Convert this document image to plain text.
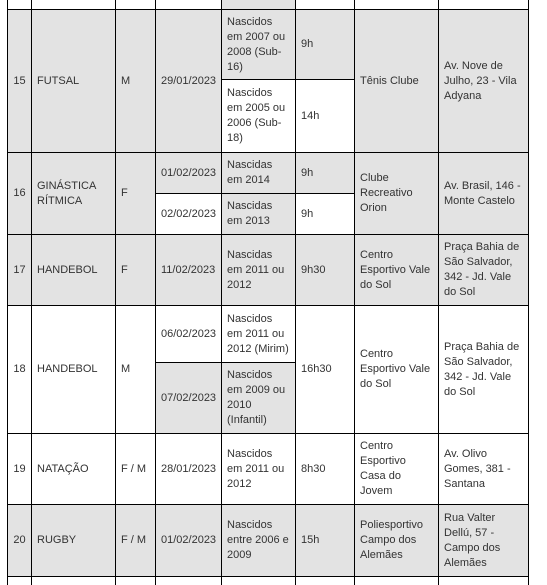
15	FUTSAL	M	29/01/2023	Nascidos em 2007 ou 2008 (Sub-16)	9h	Tênis Clube	Av. Nove de Julho, 23 - Vila Adyana
				Nascidos em 2005 ou 2006 (Sub-18)	14h		
16	GINÁSTICA RÍTMICA	F	01/02/2023	Nascidas em 2014	9h	Clube Recreativo Orion	Av. Brasil, 146 - Monte Castelo
			02/02/2023	Nascidas em 2013	9h		
17	HANDEBOL	F	11/02/2023	Nascidas em 2011 ou 2012	9h30	Centro Esportivo Vale do Sol	Praça Bahia de São Salvador, 342 - Jd. Vale do Sol
18	HANDEBOL	M	06/02/2023	Nascidos em 2011 ou 2012 (Mirim)	16h30	Centro Esportivo Vale do Sol	Praça Bahia de São Salvador, 342 - Jd. Vale do Sol
			07/02/2023	Nascidos em 2009 ou 2010 (Infantil)			
19	NATAÇÃO	F / M	28/01/2023	Nascidos em 2011 ou 2012	8h30	Centro Esportivo Casa do Jovem	Av. Olivo Gomes, 381 - Santana
20	RUGBY	F / M	01/02/2023	Nascidos entre 2006 e 2009	15h	Poliesportivo Campo dos Alemães	Rua Valter Dellú, 57 - Campo dos Alemães
